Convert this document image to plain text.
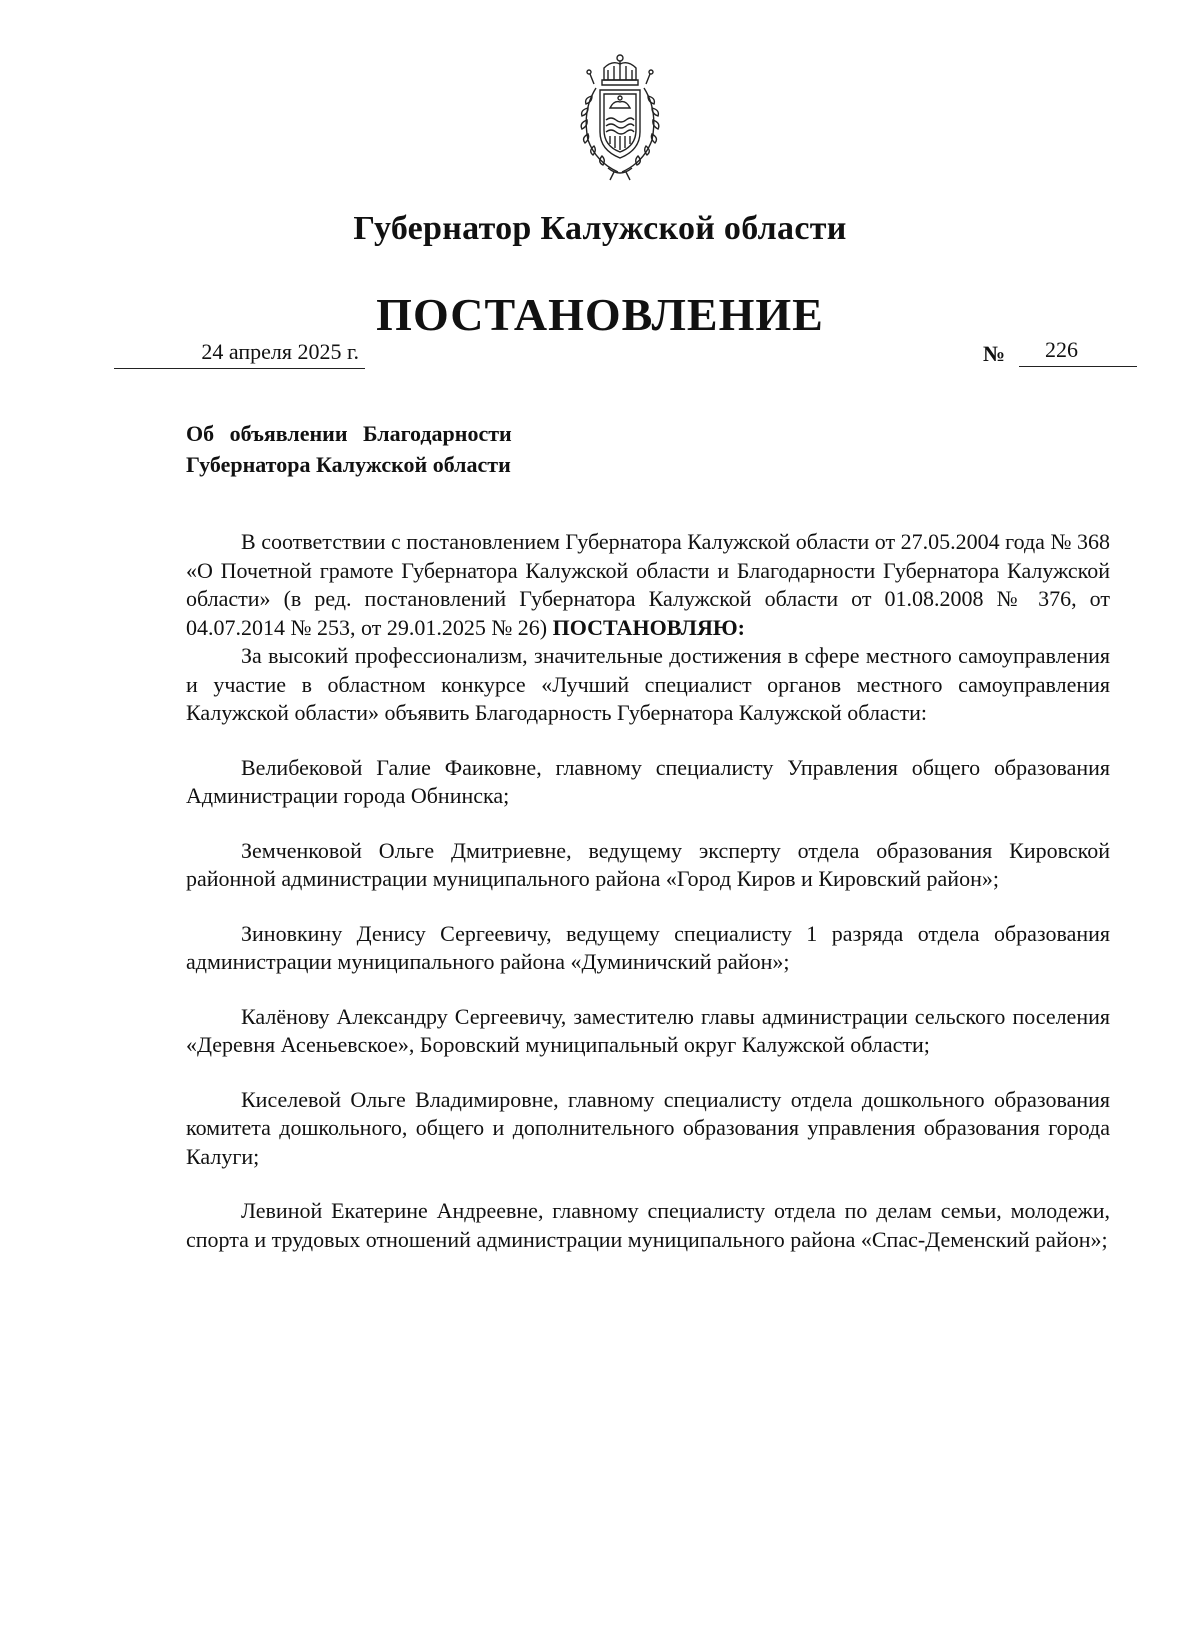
Губернатор Калужской области
ПОСТАНОВЛЕНИЕ
24 апреля 2025 г.	№	226
Об объявлении Благодарности
Губернатора Калужской области

В соответствии с постановлением Губернатора Калужской области от 27.05.2004 года № 368 «О Почетной грамоте Губернатора Калужской области и Благодарности Губернатора Калужской области» (в ред. постановлений Губернатора Калужской области от 01.08.2008 № 376, от 04.07.2014 № 253, от 29.01.2025 № 26) ПОСТАНОВЛЯЮ:

За высокий профессионализм, значительные достижения в сфере местного самоуправления и участие в областном конкурсе «Лучший специалист органов местного самоуправления Калужской области» объявить Благодарность Губернатора Калужской области:

Велибековой Галие Фаиковне, главному специалисту Управления общего образования Администрации города Обнинска;

Земченковой Ольге Дмитриевне, ведущему эксперту отдела образования Кировской районной администрации муниципального района «Город Киров и Кировский район»;

Зиновкину Денису Сергеевичу, ведущему специалисту 1 разряда отдела образования администрации муниципального района «Думиничский район»;

Калёнову Александру Сергеевичу, заместителю главы администрации сельского поселения «Деревня Асеньевское», Боровский муниципальный округ Калужской области;

Киселевой Ольге Владимировне, главному специалисту отдела дошкольного образования комитета дошкольного, общего и дополнительного образования управления образования города Калуги;

Левиной Екатерине Андреевне, главному специалисту отдела по делам семьи, молодежи, спорта и трудовых отношений администрации муниципального района «Спас-Деменский район»;
